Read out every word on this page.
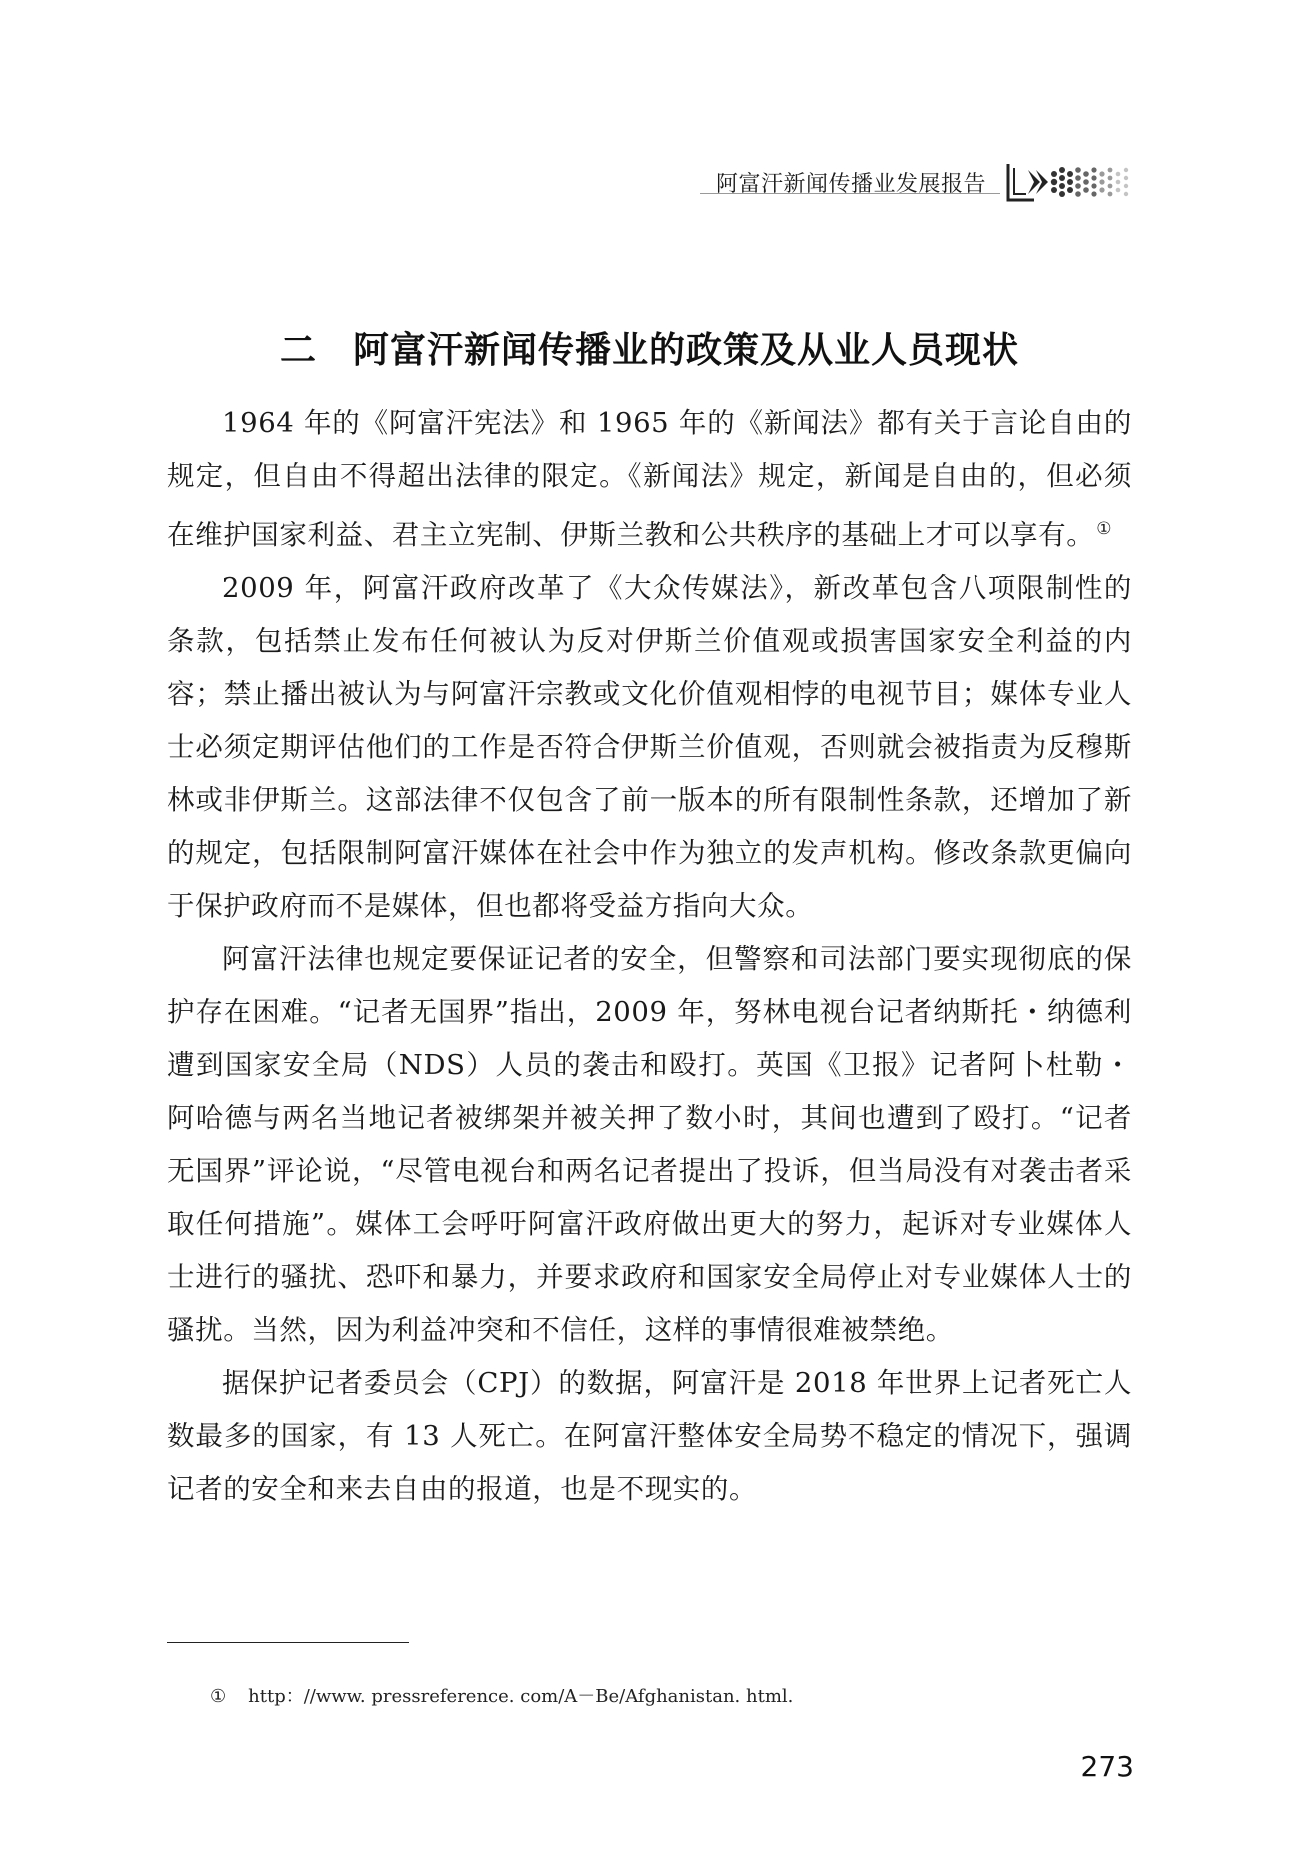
阿富汗新闻传播业发展报告
二 阿富汗新闻传播业的政策及从业人员现状

1964 年的《阿富汗宪法》和 1965 年的《新闻法》都有关于言论自由的规定，但自由不得超出法律的限定。《新闻法》规定，新闻是自由的，但必须在维护国家利益、君主立宪制、伊斯兰教和公共秩序的基础上才可以享有。 ①

2009 年，阿富汗政府改革了《大众传媒法》，新改革包含八项限制性的条款，包括禁止发布任何被认为反对伊斯兰价值观或损害国家安全利益的内容；禁止播出被认为与阿富汗宗教或文化价值观相悖的电视节目；媒体专业人士必须定期评估他们的工作是否符合伊斯兰价值观，否则就会被指责为反穆斯林或非伊斯兰。这部法律不仅包含了前一版本的所有限制性条款，还增加了新的规定，包括限制阿富汗媒体在社会中作为独立的发声机构。修改条款更偏向于保护政府而不是媒体，但也都将受益方指向大众。

阿富汗法律也规定要保证记者的安全，但警察和司法部门要实现彻底的保护存在困难。“记者无国界”指出，2009 年，努林电视台记者纳斯托・纳德利遭到国家安全局（NDS）人员的袭击和殴打。英国《卫报》记者阿卜杜勒・阿哈德与两名当地记者被绑架并被关押了数小时，其间也遭到了殴打。“记者无国界”评论说，“尽管电视台和两名记者提出了投诉，但当局没有对袭击者采取任何措施”。媒体工会呼吁阿富汗政府做出更大的努力，起诉对专业媒体人士进行的骚扰、恐吓和暴力，并要求政府和国家安全局停止对专业媒体人士的骚扰。当然，因为利益冲突和不信任，这样的事情很难被禁绝。

据保护记者委员会（CPJ）的数据，阿富汗是 2018 年世界上记者死亡人数最多的国家，有 13 人死亡。在阿富汗整体安全局势不稳定的情况下，强调记者的安全和来去自由的报道，也是不现实的。

① http：//www. pressreference. com/A－Be/Afghanistan. html.
273
